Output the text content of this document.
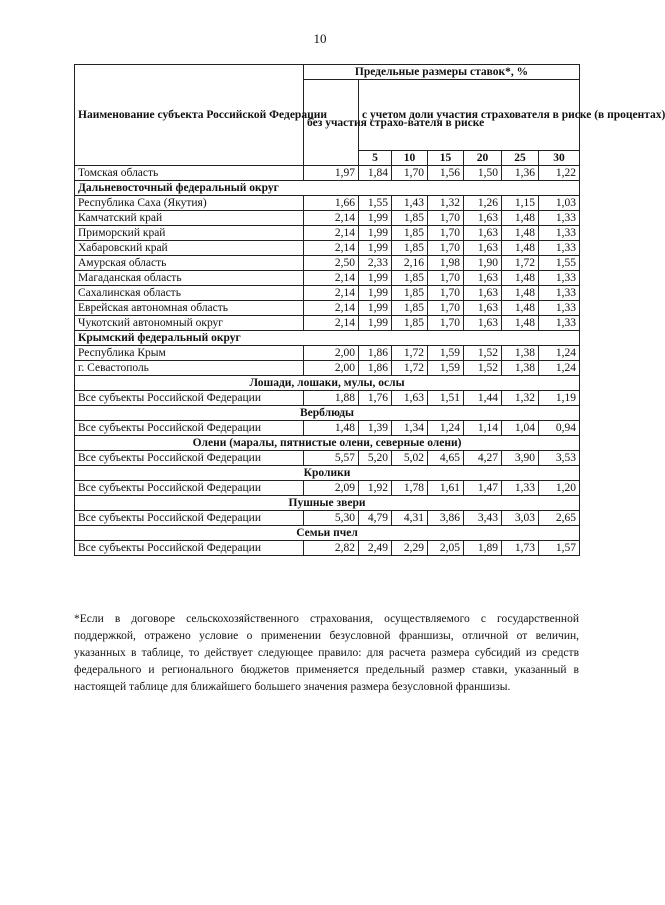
10
Наименование субъекта Российской Федерации	Предельные размеры ставок*, %						
	без участия страхо-вателя в риске	с учетом доли участия страхователя в риске (в процентах)					
		5	10	15	20	25	30
Томская область	1,97	1,84	1,70	1,56	1,50	1,36	1,22
Дальневосточный федеральный округ							
Республика Саха (Якутия)	1,66	1,55	1,43	1,32	1,26	1,15	1,03
Камчатский край	2,14	1,99	1,85	1,70	1,63	1,48	1,33
Приморский край	2,14	1,99	1,85	1,70	1,63	1,48	1,33
Хабаровский край	2,14	1,99	1,85	1,70	1,63	1,48	1,33
Амурская область	2,50	2,33	2,16	1,98	1,90	1,72	1,55
Магаданская область	2,14	1,99	1,85	1,70	1,63	1,48	1,33
Сахалинская область	2,14	1,99	1,85	1,70	1,63	1,48	1,33
Еврейская автономная область	2,14	1,99	1,85	1,70	1,63	1,48	1,33
Чукотский автономный округ	2,14	1,99	1,85	1,70	1,63	1,48	1,33
Крымский федеральный округ							
Республика Крым	2,00	1,86	1,72	1,59	1,52	1,38	1,24
г. Севастополь	2,00	1,86	1,72	1,59	1,52	1,38	1,24
Лошади, лошаки, мулы, ослы							
Все субъекты Российской Федерации	1,88	1,76	1,63	1,51	1,44	1,32	1,19
Верблюды							
Все субъекты Российской Федерации	1,48	1,39	1,34	1,24	1,14	1,04	0,94
Олени (маралы, пятнистые олени, северные олени)							
Все субъекты Российской Федерации	5,57	5,20	5,02	4,65	4,27	3,90	3,53
Кролики							
Все субъекты Российской Федерации	2,09	1,92	1,78	1,61	1,47	1,33	1,20
Пушные звери							
Все субъекты Российской Федерации	5,30	4,79	4,31	3,86	3,43	3,03	2,65
Семьи пчел							
Все субъекты Российской Федерации	2,82	2,49	2,29	2,05	1,89	1,73	1,57

*Если в договоре сельскохозяйственного страхования, осуществляемого с государственной поддержкой, отражено условие о применении безусловной франшизы, отличной от величин, указанных в таблице, то действует следующее правило: для расчета размера субсидий из средств федерального и регионального бюджетов применяется предельный размер ставки, указанный в настоящей таблице для ближайшего большего значения размера безусловной франшизы.
